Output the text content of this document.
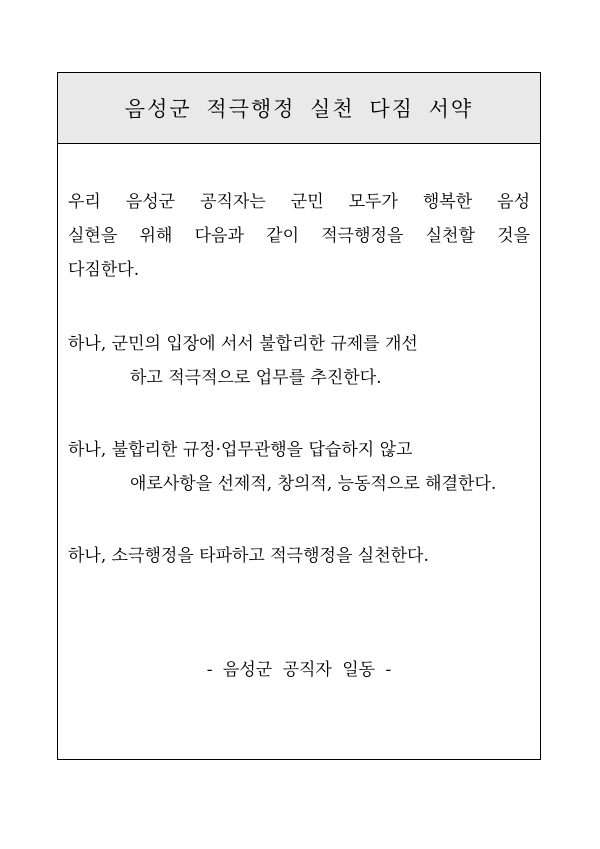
음성군 적극행정 실천 다짐 서약
우리 음성군 공직자는 군민 모두가 행복한 음성
실현을 위해 다음과 같이 적극행정을 실천할 것을
다짐한다.
하나, 군민의 입장에 서서 불합리한 규제를 개선
하고 적극적으로 업무를 추진한다.
하나, 불합리한 규정·업무관행을 답습하지 않고
애로사항을 선제적, 창의적, 능동적으로 해결한다.
하나, 소극행정을 타파하고 적극행정을 실천한다.
- 음성군 공직자 일동 -
